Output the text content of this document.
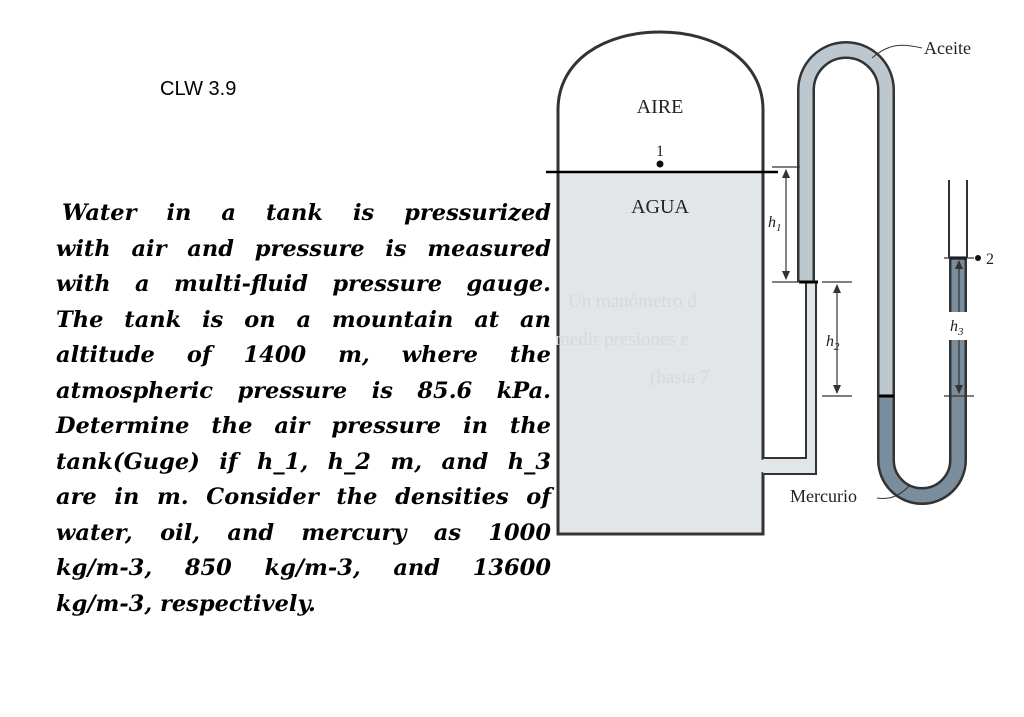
CLW 3.9
Water in a tank is pressurized
with air and pressure is measured
with a multi-fluid pressure gauge.
The tank is on a mountain at an
altitude of 1400 m, where the
atmospheric pressure is 85.6 kPa.
Determine the air pressure in the
tank(Guge) if h_1, h_2 m, and h_3
are in m. Consider the densities of
water, oil, and mercury as 1000
kg/m-3, 850 kg/m-3, and 13600
kg/m-3, respectively.
Un manómetro d
medir presiones e
(hasta 7
$h_1$
$h_2$
$h_3$
AIRE
1
AGUA
Aceite
Mercurio
2
